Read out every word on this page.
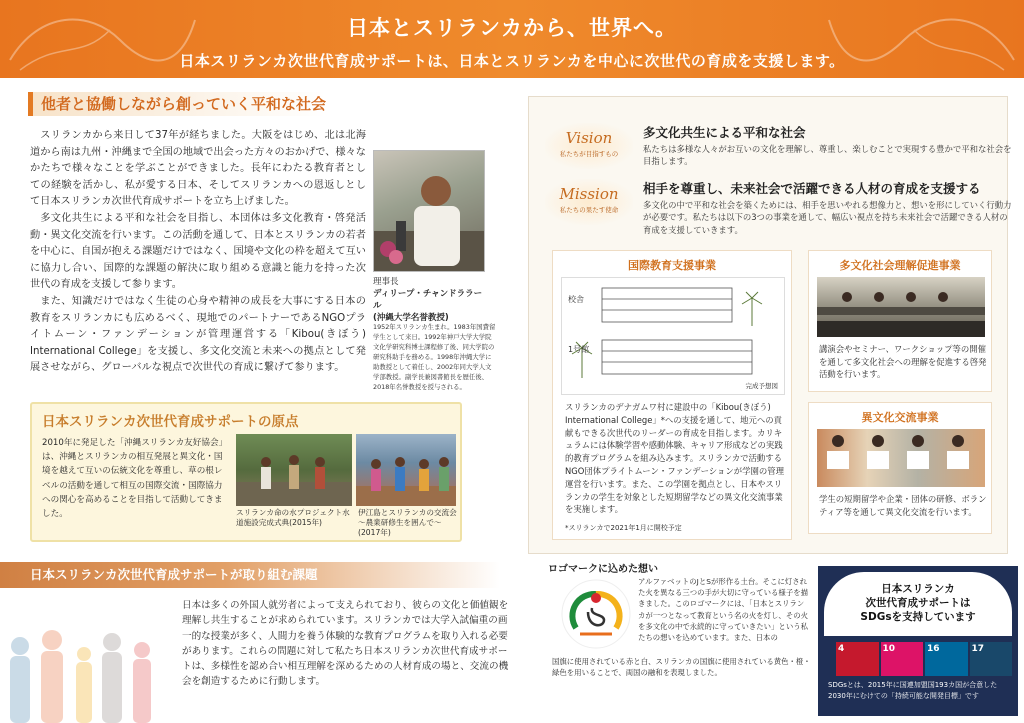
日本とスリランカから、世界へ。
日本スリランカ次世代育成サポートは、日本とスリランカを中心に次世代の育成を支援します。
他者と協働しながら創っていく平和な社会

スリランカから来日して37年が経ちました。大阪をはじめ、北は北海道から南は九州・沖縄まで全国の地域で出会った方々のおかげで、様々なかたちで様々なことを学ぶことができました。長年にわたる教育者としての経験を活かし、私が愛する日本、そしてスリランカへの恩返しとして日本スリランカ次世代育成サポートを立ち上げました。

多文化共生による平和な社会を目指し、本団体は多文化教育・啓発活動・異文化交流を行います。この活動を通して、日本とスリランカの若者を中心に、自国が抱える課題だけではなく、国境や文化の枠を超えて互いに協力し合い、国際的な課題の解決に取り組める意識と能力を持った次世代の育成を支援して参ります。

また、知識だけではなく生徒の心身や精神の成長を大事にする日本の教育をスリランカにも広めるべく、現地でのパートナーであるNGOプライトムーン・ファンデーションが管理運営する「Kibou(きぼう) International College」を支援し、多文化交流と未来への拠点として発展させながら、グローバルな視点で次世代の育成に繋げて参ります。

理事長
ディリープ・チャンドララール
(沖縄大学名誉教授)
1952年スリランカ生まれ。1983年国費留学生として来日。1992年神戸大学大学院文化学研究科博士課程修了後、同大学院の研究科助手を務める。1998年沖縄大学に助教授として着任し、2002年同大学人文学部教授。副学長兼図書館長を歴任後、2018年名誉教授を授与される。
日本スリランカ次世代育成サポートの原点
2010年に発足した「沖縄スリランカ友好協会」は、沖縄とスリランカの相互発展と異文化・国境を越えて互いの伝統文化を尊重し、草の根レベルの活動を通して相互の国際交流・国際協力への関心を高めることを目指して活動してきました。	スリランカ命の水プロジェクト水道施設完成式典(2015年)
伊江島とスリランカの交流会～農業研修生を囲んで～(2017年)
日本スリランカ次世代育成サポートが取り組む課題
日本は多くの外国人就労者によって支えられており、彼らの文化と価値観を理解し共生することが求められています。スリランカでは大学入試偏重の画一的な授業が多く、人間力を養う体験的な教育プログラムを取り入れる必要があります。これらの問題に対して私たち日本スリランカ次世代育成サポートは、多様性を認め合い相互理解を深めるための人材育成の場と、交流の機会を創造するために行動します。
Vision
私たちが目指すもの
多文化共生による平和な社会
私たちは多様な人々がお互いの文化を理解し、尊重し、楽しむことで実現する豊かで平和な社会を目指します。
Mission
私たちの果たす使命
相手を尊重し、未来社会で活躍できる人材の育成を支援する
多文化の中で平和な社会を築くためには、相手を思いやれる想像力と、想いを形にしていく行動力が必要です。私たちは以下の3つの事業を通して、幅広い視点を持ち未来社会で活躍できる人材の育成を支援していきます。
国際教育支援事業
校舎
1号館
完成予想図
スリランカのデナガムワ村に建設中の「Kibou(きぼう) International College」*への支援を通して、地元への貢献もできる次世代のリーダーの育成を目指します。カリキュラムには体験学習や感動体験、キャリア形成などの実践的教育プログラムを組み込みます。スリランカで活動するNGO団体プライトムーン・ファンデーションが学園の管理運営を行います。また、この学園を拠点とし、日本やスリランカの学生を対象とした短期留学などの異文化交流事業を実施します。
*スリランカで2021年1月に開校予定
多文化社会理解促進事業
講演会やセミナー、ワークショップ等の開催を通して多文化社会への理解を促進する啓発活動を行います。
異文化交流事業
学生の短期留学や企業・団体の研修、ボランティア等を通して異文化交流を行います。
ロゴマークに込めた想い
アルファベットのJとSが形作る土台。そこに灯された火を異なる三つの手が大切に守っている様子を描きました。このロゴマークには、「日本とスリランカが一つとなって教育という名の火を灯し、その火を多文化の中で永続的に守っていきたい」という私たちの想いを込めています。また、日本の
国旗に使用されている赤と白、スリランカの国旗に使用されている黄色・橙・緑色を用いることで、両国の融和を表現しました。
日本スリランカ
次世代育成サポートは
SDGsを支持しています
4	10	16	17
SDGsとは、2015年に国連加盟国193カ国が合意した2030年にむけての「持続可能な開発目標」です
